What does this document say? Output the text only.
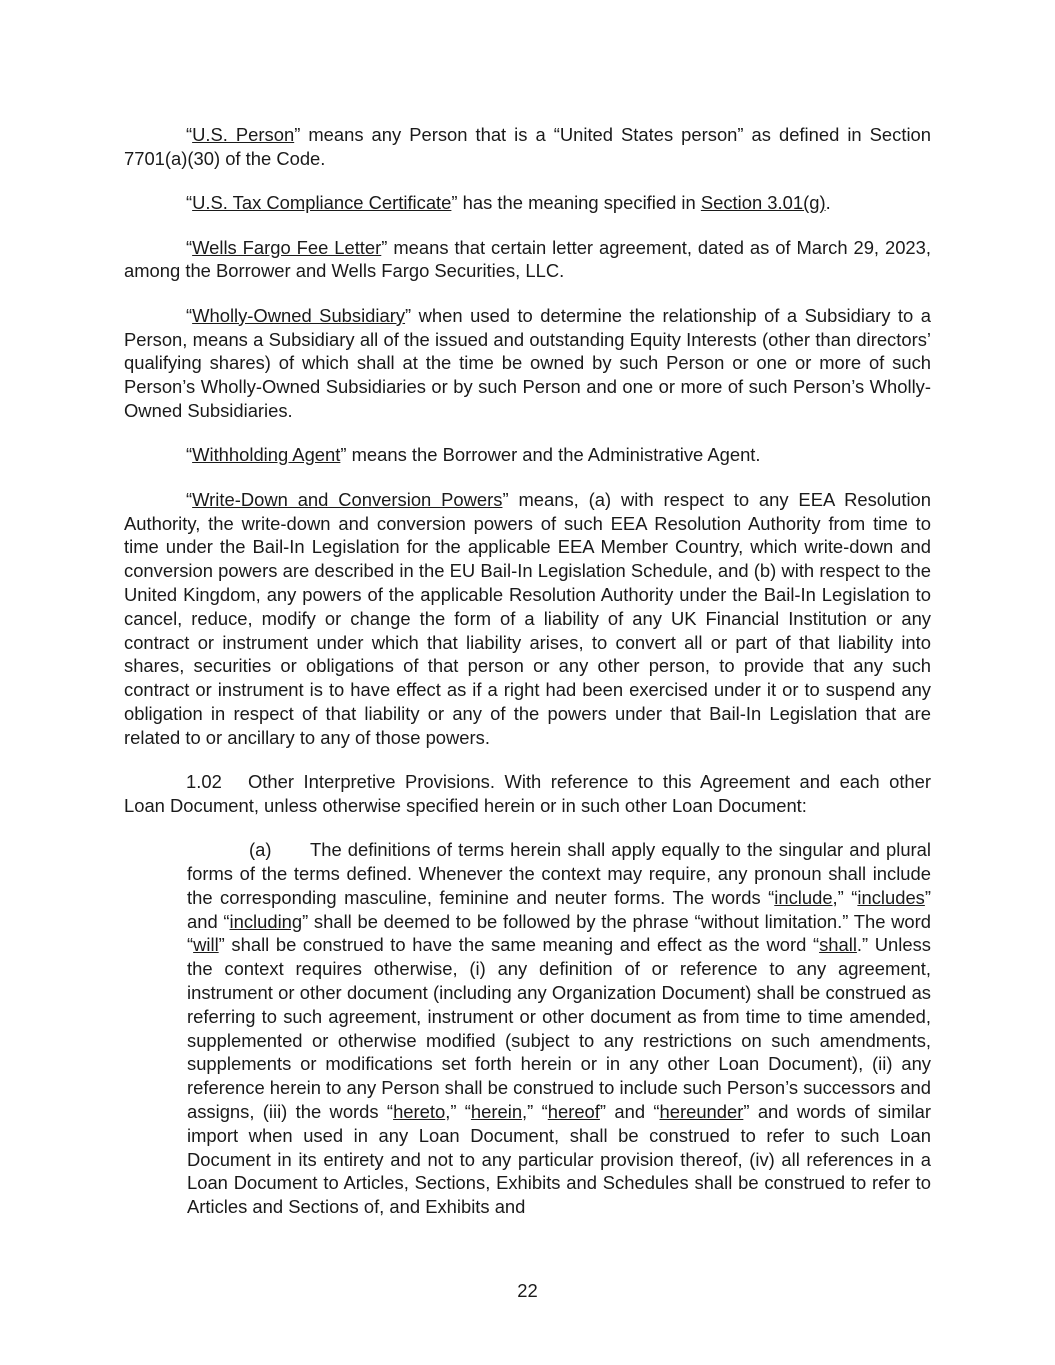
“U.S. Person” means any Person that is a “United States person” as defined in Section 7701(a)(30) of the Code.

“U.S. Tax Compliance Certificate” has the meaning specified in Section 3.01(g).

“Wells Fargo Fee Letter” means that certain letter agreement, dated as of March 29, 2023, among the Borrower and Wells Fargo Securities, LLC.

“Wholly-Owned Subsidiary” when used to determine the relationship of a Subsidiary to a Person, means a Subsidiary all of the issued and outstanding Equity Interests (other than directors’ qualifying shares) of which shall at the time be owned by such Person or one or more of such Person’s Wholly-Owned Subsidiaries or by such Person and one or more of such Person’s Wholly-Owned Subsidiaries.

“Withholding Agent” means the Borrower and the Administrative Agent.

“Write-Down and Conversion Powers” means, (a) with respect to any EEA Resolution Authority, the write-down and conversion powers of such EEA Resolution Authority from time to time under the Bail-In Legislation for the applicable EEA Member Country, which write-down and conversion powers are described in the EU Bail-In Legislation Schedule, and (b) with respect to the United Kingdom, any powers of the applicable Resolution Authority under the Bail-In Legislation to cancel, reduce, modify or change the form of a liability of any UK Financial Institution or any contract or instrument under which that liability arises, to convert all or part of that liability into shares, securities or obligations of that person or any other person, to provide that any such contract or instrument is to have effect as if a right had been exercised under it or to suspend any obligation in respect of that liability or any of the powers under that Bail-In Legislation that are related to or ancillary to any of those powers.

1.02 Other Interpretive Provisions. With reference to this Agreement and each other Loan Document, unless otherwise specified herein or in such other Loan Document:

(a) The definitions of terms herein shall apply equally to the singular and plural forms of the terms defined. Whenever the context may require, any pronoun shall include the corresponding masculine, feminine and neuter forms. The words “include,” “includes” and “including” shall be deemed to be followed by the phrase “without limitation.” The word “will” shall be construed to have the same meaning and effect as the word “shall.” Unless the context requires otherwise, (i) any definition of or reference to any agreement, instrument or other document (including any Organization Document) shall be construed as referring to such agreement, instrument or other document as from time to time amended, supplemented or otherwise modified (subject to any restrictions on such amendments, supplements or modifications set forth herein or in any other Loan Document), (ii) any reference herein to any Person shall be construed to include such Person’s successors and assigns, (iii) the words “hereto,” “herein,” “hereof” and “hereunder” and words of similar import when used in any Loan Document, shall be construed to refer to such Loan Document in its entirety and not to any particular provision thereof, (iv) all references in a Loan Document to Articles, Sections, Exhibits and Schedules shall be construed to refer to Articles and Sections of, and Exhibits and

22
